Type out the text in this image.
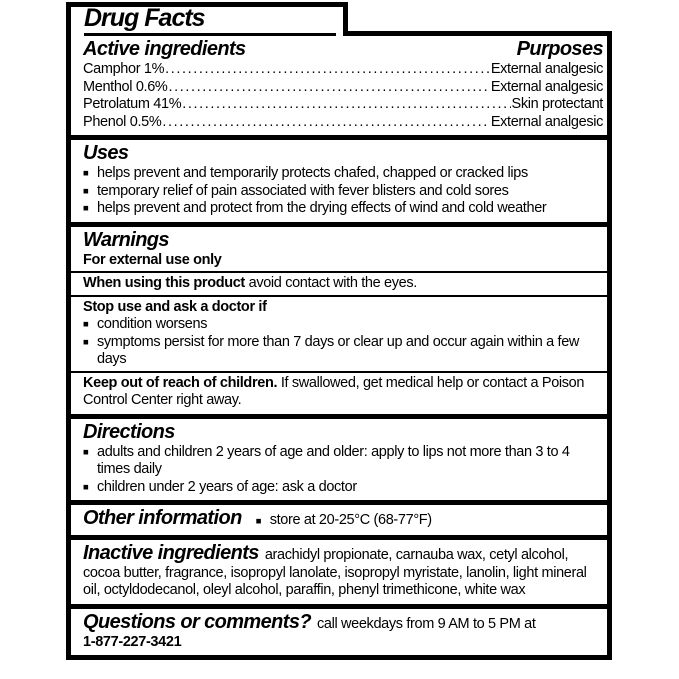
Drug Facts
Active ingredients	Purposes
Camphor 1% .....	External analgesic
Menthol 0.6% .....	External analgesic
Petrolatum 41% .....	Skin protectant
Phenol 0.5% .....	External analgesic
Uses
■ helps prevent and temporarily protects chafed, chapped or cracked lips
■ temporary relief of pain associated with fever blisters and cold sores
■ helps prevent and protect from the drying effects of wind and cold weather
Warnings
For external use only

When using this product avoid contact with the eyes.

Stop use and ask a doctor if
■ condition worsens
■ symptoms persist for more than 7 days or clear up and occur again within a few days

Keep out of reach of children. If swallowed, get medical help or contact a Poison Control Center right away.

Directions
■ adults and children 2 years of age and older: apply to lips not more than 3 to 4 times daily
■ children under 2 years of age: ask a doctor
Other information ■ store at 20-25°C (68-77°F)

Inactive ingredients arachidyl propionate, carnauba wax, cetyl alcohol, cocoa butter, fragrance, isopropyl lanolate, isopropyl myristate, lanolin, light mineral oil, octyldodecanol, oleyl alcohol, paraffin, phenyl trimethicone, white wax

Questions or comments? call weekdays from 9 AM to 5 PM at

1-877-227-3421
